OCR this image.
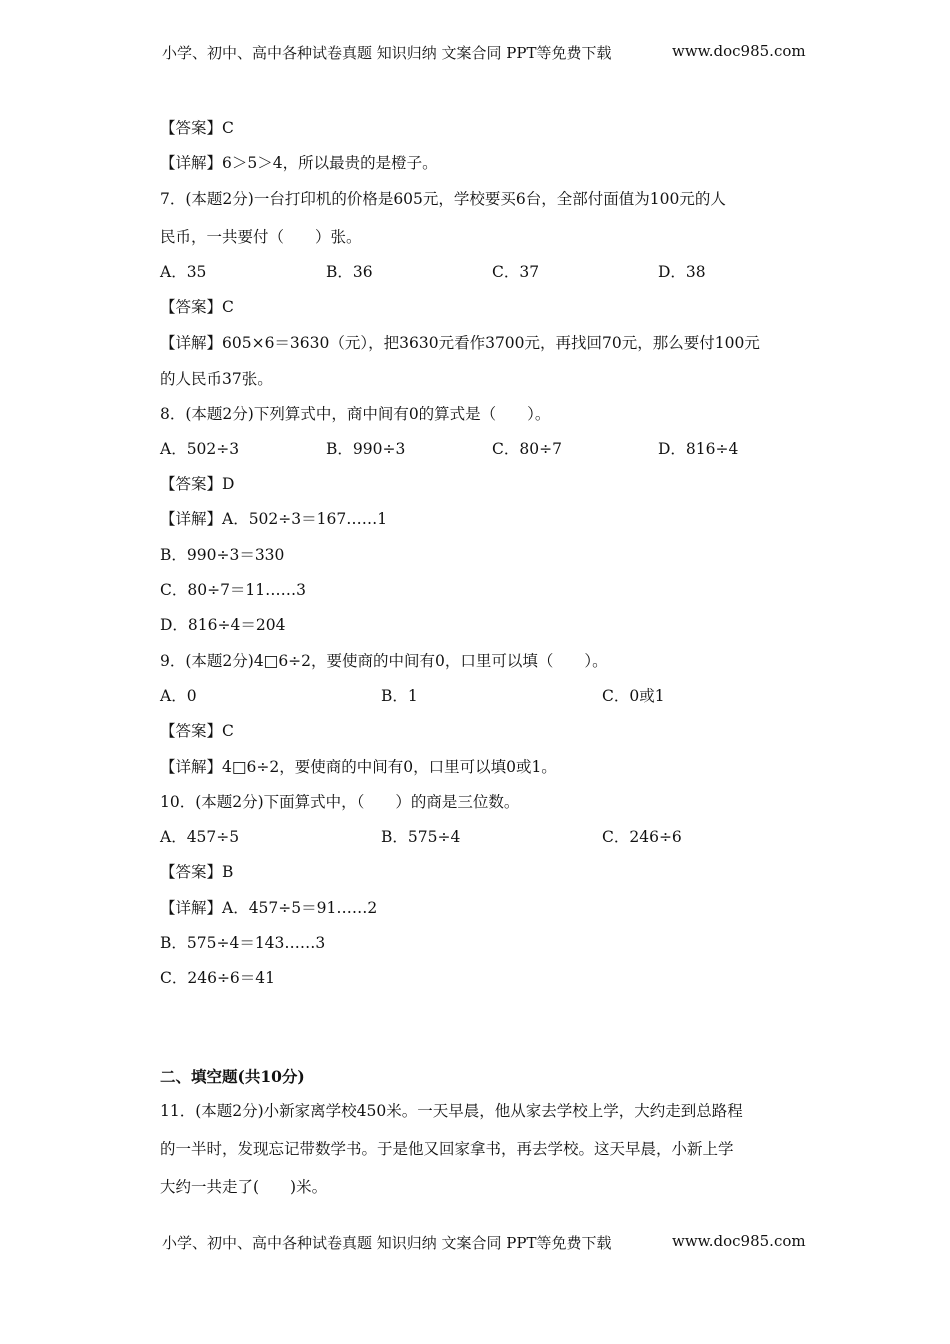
小学、初中、高中各种试卷真题 知识归纳 文案合同 PPT等免费下载	www.doc985.com
【答案】C
【详解】6＞5＞4，所以最贵的是橙子。
7．(本题2分)一台打印机的价格是605元，学校要买6台，全部付面值为100元的人
民币，一共要付（　　）张。
A．35	B．36	C．37	D．38
【答案】C
【详解】605×6＝3630（元），把3630元看作3700元，再找回70元，那么要付100元
的人民币37张。
8．(本题2分)下列算式中，商中间有0的算式是（　　）。
A．502÷3	B．990÷3	C．80÷7	D．816÷4
【答案】D
【详解】A．502÷3＝167……1
B．990÷3＝330
C．80÷7＝11……3
D．816÷4＝204
9．(本题2分)4□6÷2，要使商的中间有0，口里可以填（　　）。
A．0	B．1	C．0或1
【答案】C
【详解】4□6÷2，要使商的中间有0，口里可以填0或1。
10．(本题2分)下面算式中，（　　）的商是三位数。
A．457÷5	B．575÷4	C．246÷6
【答案】B
【详解】A．457÷5＝91……2
B．575÷4＝143……3
C．246÷6＝41
二、填空题(共10分)
11．(本题2分)小新家离学校450米。一天早晨，他从家去学校上学，大约走到总路程
的一半时，发现忘记带数学书。于是他又回家拿书，再去学校。这天早晨，小新上学
大约一共走了(　　)米。
小学、初中、高中各种试卷真题 知识归纳 文案合同 PPT等免费下载	www.doc985.com
